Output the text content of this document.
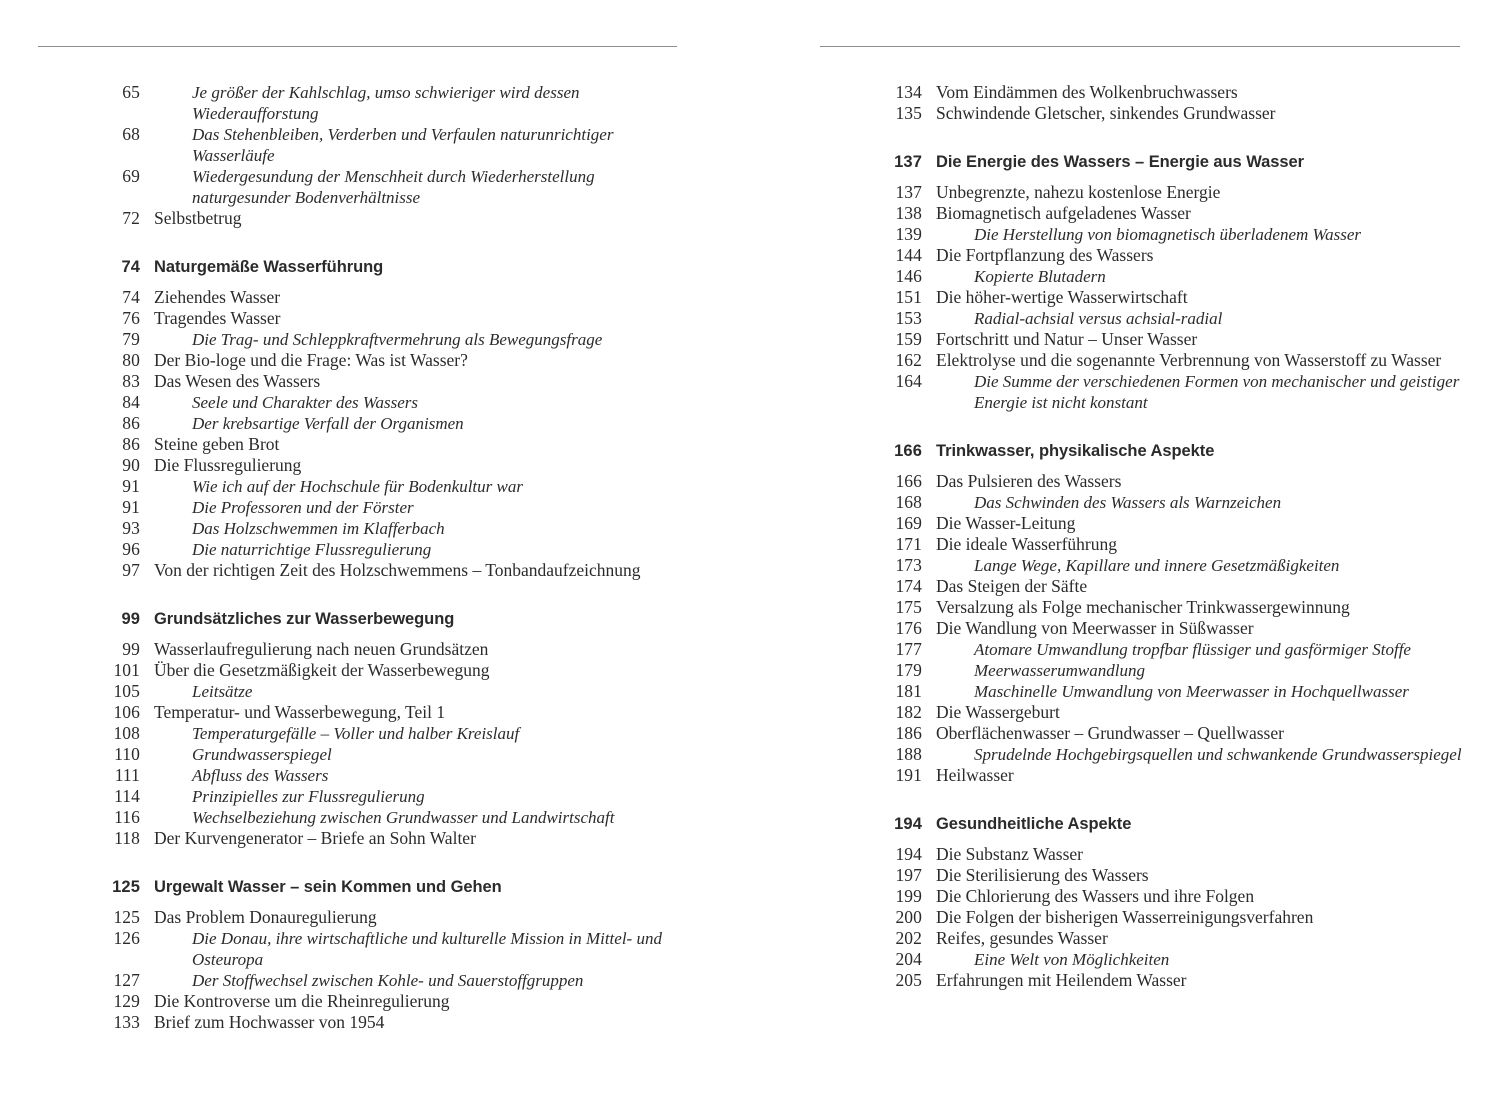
65	Je größer der Kahlschlag, umso schwieriger wird dessen Wiederaufforstung
68	Das Stehenbleiben, Verderben und Verfaulen naturunrichtiger Wasserläufe
69	Wiedergesundung der Menschheit durch Wiederherstellung naturgesunder Bodenverhältnisse
72 Selbstbetrug
74 Naturgemäße Wasserführung
74 Ziehendes Wasser
76 Tragendes Wasser
79	Die Trag- und Schleppkraftvermehrung als Bewegungsfrage
80 Der Bio-loge und die Frage: Was ist Wasser?
83 Das Wesen des Wassers
84	Seele und Charakter des Wassers
86	Der krebsartige Verfall der Organismen
86 Steine geben Brot
90 Die Flussregulierung
91	Wie ich auf der Hochschule für Bodenkultur war
91	Die Professoren und der Förster
93	Das Holzschwemmen im Klafferbach
96	Die naturrichtige Flussregulierung
97 Von der richtigen Zeit des Holzschwemmens – Tonbandaufzeichnung
99 Grundsätzliches zur Wasserbewegung
99 Wasserlaufregulierung nach neuen Grundsätzen
101 Über die Gesetzmäßigkeit der Wasserbewegung
105	Leitsätze
106 Temperatur- und Wasserbewegung, Teil 1
108	Temperaturgefälle – Voller und halber Kreislauf
110	Grundwasserspiegel
111	Abfluss des Wassers
114	Prinzipielles zur Flussregulierung
116	Wechselbeziehung zwischen Grundwasser und Landwirtschaft
118 Der Kurvengenerator – Briefe an Sohn Walter
125 Urgewalt Wasser – sein Kommen und Gehen
125 Das Problem Donauregulierung
126	Die Donau, ihre wirtschaftliche und kulturelle Mission in Mittel- und Osteuropa
127	Der Stoffwechsel zwischen Kohle- und Sauerstoffgruppen
129 Die Kontroverse um die Rheinregulierung
133 Brief zum Hochwasser von 1954
134 Vom Eindämmen des Wolkenbruchwassers
135 Schwindende Gletscher, sinkendes Grundwasser
137 Die Energie des Wassers – Energie aus Wasser
137 Unbegrenzte, nahezu kostenlose Energie
138 Biomagnetisch aufgeladenes Wasser
139	Die Herstellung von biomagnetisch überladenem Wasser
144 Die Fortpflanzung des Wassers
146	Kopierte Blutadern
151 Die höher-wertige Wasserwirtschaft
153	Radial-achsial versus achsial-radial
159 Fortschritt und Natur – Unser Wasser
162 Elektrolyse und die sogenannte Verbrennung von Wasserstoff zu Wasser
164	Die Summe der verschiedenen Formen von mechanischer und geistiger Energie ist nicht konstant
166 Trinkwasser, physikalische Aspekte
166 Das Pulsieren des Wassers
168	Das Schwinden des Wassers als Warnzeichen
169 Die Wasser-Leitung
171 Die ideale Wasserführung
173	Lange Wege, Kapillare und innere Gesetzmäßigkeiten
174 Das Steigen der Säfte
175 Versalzung als Folge mechanischer Trinkwassergewinnung
176 Die Wandlung von Meerwasser in Süßwasser
177	Atomare Umwandlung tropfbar flüssiger und gasförmiger Stoffe
179	Meerwasserumwandlung
181	Maschinelle Umwandlung von Meerwasser in Hochquellwasser
182 Die Wassergeburt
186 Oberflächenwasser – Grundwasser – Quellwasser
188	Sprudelnde Hochgebirgsquellen und schwankende Grundwasserspiegel
191 Heilwasser
194 Gesundheitliche Aspekte
194 Die Substanz Wasser
197 Die Sterilisierung des Wassers
199 Die Chlorierung des Wassers und ihre Folgen
200 Die Folgen der bisherigen Wasserreinigungsverfahren
202 Reifes, gesundes Wasser
204	Eine Welt von Möglichkeiten
205 Erfahrungen mit Heilendem Wasser
